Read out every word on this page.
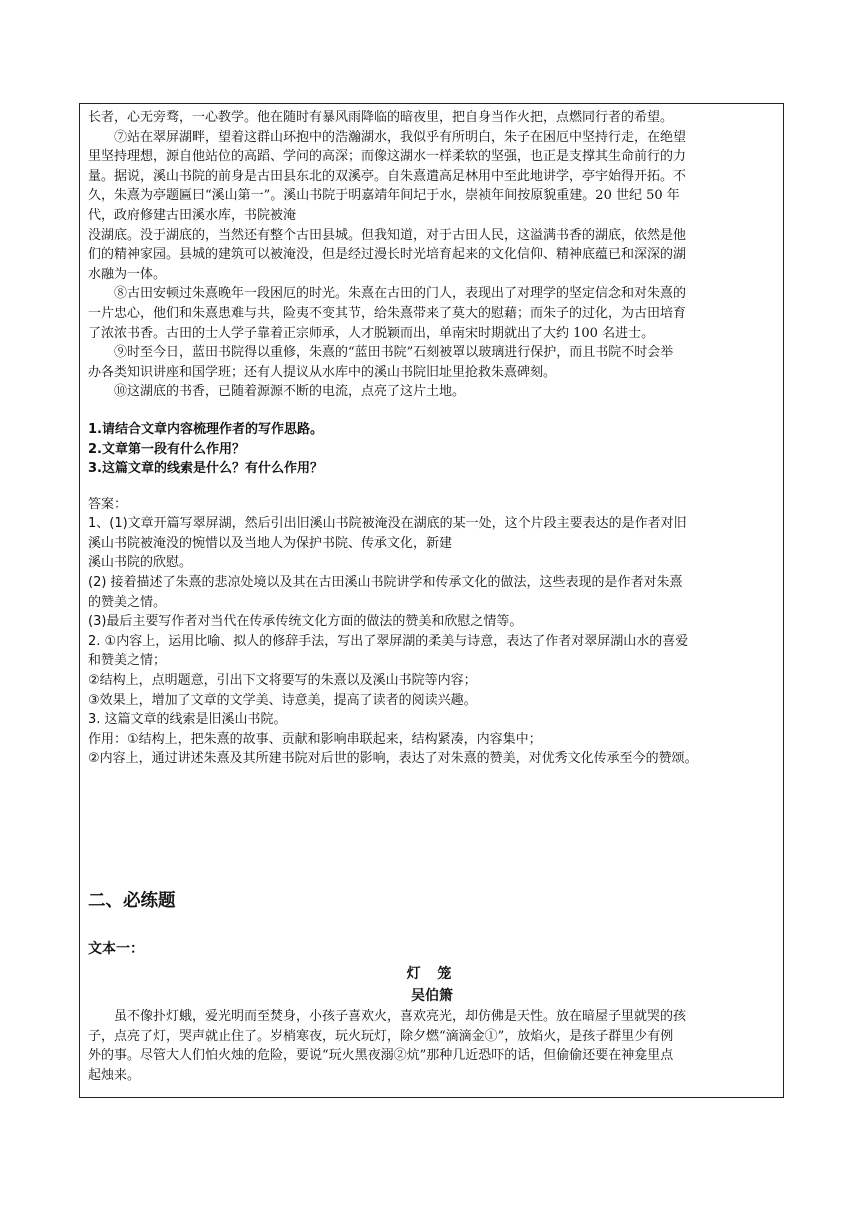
长者，心无旁骛，一心教学。他在随时有暴风雨降临的暗夜里，把自身当作火把，点燃同行者的希望。
⑦站在翠屏湖畔，望着这群山环抱中的浩瀚湖水，我似乎有所明白，朱子在困厄中坚持行走，在绝望
里坚持理想，源自他站位的高蹈、学问的高深；而像这湖水一样柔软的坚强，也正是支撑其生命前行的力
量。据说，溪山书院的前身是古田县东北的双溪亭。自朱熹遣高足林用中至此地讲学，亭宇始得开拓。不
久，朱熹为亭题匾曰“溪山第一”。溪山书院于明嘉靖年间圮于水，崇祯年间按原貌重建。20 世纪 50 年
代，政府修建古田溪水库，书院被淹
没湖底。没于湖底的，当然还有整个古田县城。但我知道，对于古田人民，这溢满书香的湖底，依然是他
们的精神家园。县城的建筑可以被淹没，但是经过漫长时光培育起来的文化信仰、精神底蕴已和深深的湖
水融为一体。
⑧古田安顿过朱熹晚年一段困厄的时光。朱熹在古田的门人，表现出了对理学的坚定信念和对朱熹的
一片忠心，他们和朱熹患难与共，险夷不变其节，给朱熹带来了莫大的慰藉；而朱子的过化，为古田培育
了浓浓书香。古田的士人学子靠着正宗师承，人才脱颖而出，单南宋时期就出了大约 100 名进士。
⑨时至今日，蓝田书院得以重修，朱熹的“蓝田书院”石刻被罩以玻璃进行保护，而且书院不时会举
办各类知识讲座和国学班；还有人提议从水库中的溪山书院旧址里抢救朱熹碑刻。
⑩这湖底的书香，已随着源源不断的电流，点亮了这片土地。
1.请结合文章内容梳理作者的写作思路。
2.文章第一段有什么作用？
3.这篇文章的线索是什么？有什么作用？
答案：
1、(1)文章开篇写翠屏湖，然后引出旧溪山书院被淹没在湖底的某一处，这个片段主要表达的是作者对旧
溪山书院被淹没的惋惜以及当地人为保护书院、传承文化，新建
溪山书院的欣慰。
(2) 接着描述了朱熹的悲凉处境以及其在古田溪山书院讲学和传承文化的做法，这些表现的是作者对朱熹
的赞美之情。
(3)最后主要写作者对当代在传承传统文化方面的做法的赞美和欣慰之情等。
2. ①内容上，运用比喻、拟人的修辞手法，写出了翠屏湖的柔美与诗意，表达了作者对翠屏湖山水的喜爱
和赞美之情；
②结构上，点明题意，引出下文将要写的朱熹以及溪山书院等内容；
③效果上，增加了文章的文学美、诗意美，提高了读者的阅读兴趣。
3. 这篇文章的线索是旧溪山书院。
作用：①结构上，把朱熹的故事、贡献和影响串联起来，结构紧凑，内容集中；
②内容上，通过讲述朱熹及其所建书院对后世的影响，表达了对朱熹的赞美，对优秀文化传承至今的赞颂。
二、必练题
文本一：
灯 笼
吴伯箫
虽不像扑灯蛾，爱光明而至焚身，小孩子喜欢火，喜欢亮光，却仿佛是天性。放在暗屋子里就哭的孩
子，点亮了灯，哭声就止住了。岁梢寒夜，玩火玩灯，除夕燃“滴滴金①”，放焰火，是孩子群里少有例
外的事。尽管大人们怕火烛的危险，要说“玩火黑夜溺②炕”那种几近恐吓的话，但偷偷还要在神龛里点
起烛来。
